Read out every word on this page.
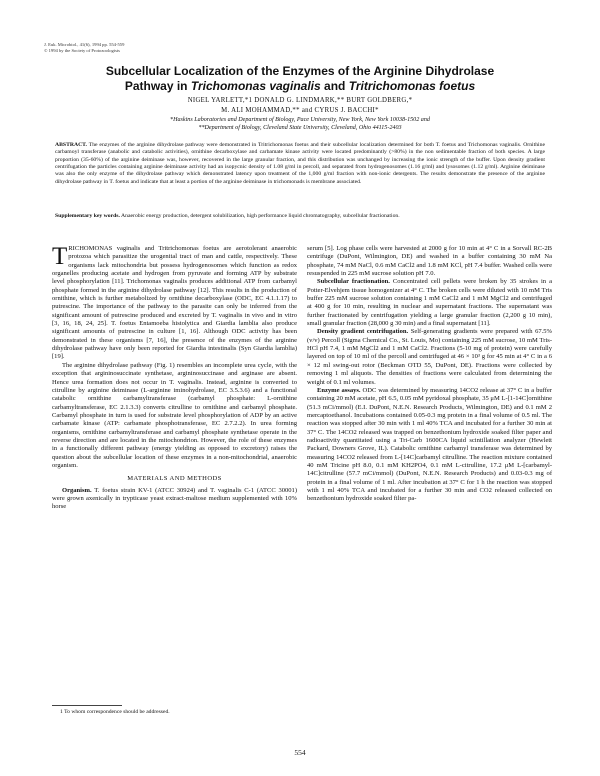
J. Euk. Microbiol., 41(6), 1994 pp. 554-559
© 1994 by the Society of Protozoologists
Subcellular Localization of the Enzymes of the Arginine Dihydrolase
Pathway in Trichomonas vaginalis and Tritrichomonas foetus
NIGEL YARLETT,*1 DONALD G. LINDMARK,** BURT GOLDBERG,*
M. ALI MOHAMMAD,** and CYRUS J. BACCHI*
*Haskins Laboratories and Department of Biology, Pace University, New York, New York 10038-1502 and
**Department of Biology, Cleveland State University, Cleveland, Ohio 44115-2403
ABSTRACT. The enzymes of the arginine dihydrolase pathway were demonstrated in Tritrichomonas foetus and their subcellular localization determined for both T. foetus and Trichomonas vaginalis. Ornithine carbamoyl transferase (anabolic and catabolic activities), ornithine decarboxylase and carbamate kinase activity were located predominantly (>80%) in the non sedimentable fraction of both species. A large proportion (35-60%) of the arginine deiminase was, however, recovered in the large granular fraction, and this distribution was unchanged by increasing the ionic strength of the buffer. Upon density gradient centrifugation the particles containing arginine deiminase activity had an isopycnic density of 1.08 g/ml in percoll, and separated from hydrogenosomes (1.16 g/ml) and lysosomes (1.12 g/ml). Arginine deiminase was also the only enzyme of the dihydrolase pathway which demonstrated latency upon treatment of the 1,000 g/ml fraction with non-ionic detergents. The results demonstrate the presence of the arginine dihydrolase pathway in T. foetus and indicate that at least a portion of the arginine deiminase in trichomonads is membrane associated.
Supplementary key words. Anaerobic energy production, detergent solubilization, high performance liquid chromatography, subcellular fractionation.

TRICHOMONAS vaginalis and Tritrichomonas foetus are aerotolerant anaerobic protozoa which parasitize the urogenital tract of man and cattle, respectively. These organisms lack mitochondria but possess hydrogenosomes which function as redox organelles producing acetate and hydrogen from pyruvate and forming ATP by substrate level phosphorylation [11]. Trichomonas vaginalis produces additional ATP from carbamyl phosphate formed in the arginine dihydrolase pathway [12]. This results in the production of ornithine, which is further metabolized by ornithine decarboxylase (ODC, EC 4.1.1.17) to putrescine. The importance of the pathway to the parasite can only be inferred from the significant amount of putrescine produced and excreted by T. vaginalis in vivo and in vitro [3, 16, 18, 24, 25]. T. foetus Entamoeba histolytica and Giardia lamblia also produce significant amounts of putrescine in culture [1, 16]. Although ODC activity has been demonstrated in these organisms [7, 16], the presence of the enzymes of the arginine dihydrolase pathway have only been reported for Giardia intestinalis (Syn Giardia lamblia) [19].

The arginine dihydrolase pathway (Fig. 1) resembles an incomplete urea cycle, with the exception that argininosuccinate synthetase, argininosuccinase and arginase are absent. Hence urea formation does not occur in T. vaginalis. Instead, arginine is converted to citrulline by arginine deiminase (L-arginine iminohydrolase, EC 3.5.3.6) and a functional catabolic ornithine carbamyltransferase (carbamyl phosphate: L-ornithine carbamyltransferase, EC 2.1.3.3) converts citrulline to ornithine and carbamyl phosphate. Carbamyl phosphate in turn is used for substrate level phosphorylation of ADP by an active carbamate kinase (ATP: carbamate phosphotransferase, EC 2.7.2.2). In urea forming organisms, ornithine carbamyltransferase and carbamyl phosphate synthetase operate in the reverse direction and are located in the mitochondrion. However, the role of these enzymes in a functionally different pathway (energy yielding as opposed to excretory) raises the question about the subcellular location of these enzymes in a non-mitochondrial, anaerobic organism.

MATERIALS AND METHODS

Organism. T. foetus strain KV-1 (ATCC 30924) and T. vaginalis C-1 (ATCC 30001) were grown axenically in trypticase yeast extract-maltose medium supplemented with 10% horse

serum [5]. Log phase cells were harvested at 2000 g for 10 min at 4° C in a Sorvall RC-2B centrifuge (DuPont, Wilmington, DE) and washed in a buffer containing 30 mM Na phosphate, 74 mM NaCl, 0.6 mM CaCl2 and 1.8 mM KCl, pH 7.4 buffer. Washed cells were resuspended in 225 mM sucrose solution pH 7.0.

Subcellular fractionation. Concentrated cell pellets were broken by 35 strokes in a Potter-Elvehjem tissue homogenizer at 4° C. The broken cells were diluted with 10 mM Tris buffer 225 mM sucrose solution containing 1 mM CaCl2 and 1 mM MgCl2 and centrifuged at 400 g for 10 min, resulting in nuclear and supernatant fractions. The supernatant was further fractionated by centrifugation yielding a large granular fraction (2,200 g 10 min), small granular fraction (28,000 g 30 min) and a final supernatant [11].

Density gradient centrifugation. Self-generating gradients were prepared with 67.5% (v/v) Percoll (Sigma Chemical Co., St. Louis, Mo) containing 225 mM sucrose, 10 mM Tris-HCl pH 7.4, 1 mM MgCl2 and 1 mM CaCl2. Fractions (5-10 mg of protein) were carefully layered on top of 10 ml of the percoll and centrifuged at 46 × 10³ g for 45 min at 4° C in a 6 × 12 ml swing-out rotor (Beckman OTD 55, DuPont, DE). Fractions were collected by removing 1 ml aliquots. The densities of fractions were calculated from determining the weight of 0.1 ml volumes.

Enzyme assays. ODC was determined by measuring 14CO2 release at 37° C in a buffer containing 20 mM acetate, pH 6.5, 0.05 mM pyridoxal phosphate, 35 μM L-[1-14C]ornithine (51.3 mCi/mmol) (E.I. DuPont, N.E.N. Research Products, Wilmington, DE) and 0.1 mM 2 mercaptoethanol. Incubations contained 0.05-0.3 mg protein in a final volume of 0.5 ml. The reaction was stopped after 30 min with 1 ml 40% TCA and incubated for a further 30 min at 37° C. The 14CO2 released was trapped on benzethonium hydroxide soaked filter paper and radioactivity quantitated using a Tri-Carb 1600CA liquid scintillation analyzer (Hewlett Packard, Downers Grove, IL). Catabolic ornithine carbamyl transferase was determined by measuring 14CO2 released from L-[14C]carbamyl citrulline. The reaction mixture contained 40 mM Tricine pH 8.0, 0.1 mM KH2PO4, 0.1 mM L-citrulline, 17.2 μM L-[carbamyl-14C]citrulline (57.7 mCi/mmol) (DuPont, N.E.N. Research Products) and 0.03-0.3 mg of protein in a final volume of 1 ml. After incubation at 37° C for 1 h the reaction was stopped with 1 ml 40% TCA and incubated for a further 30 min and CO2 released collected on benzethonium hydroxide soaked filter pa-

1 To whom correspondence should be addressed.
554
